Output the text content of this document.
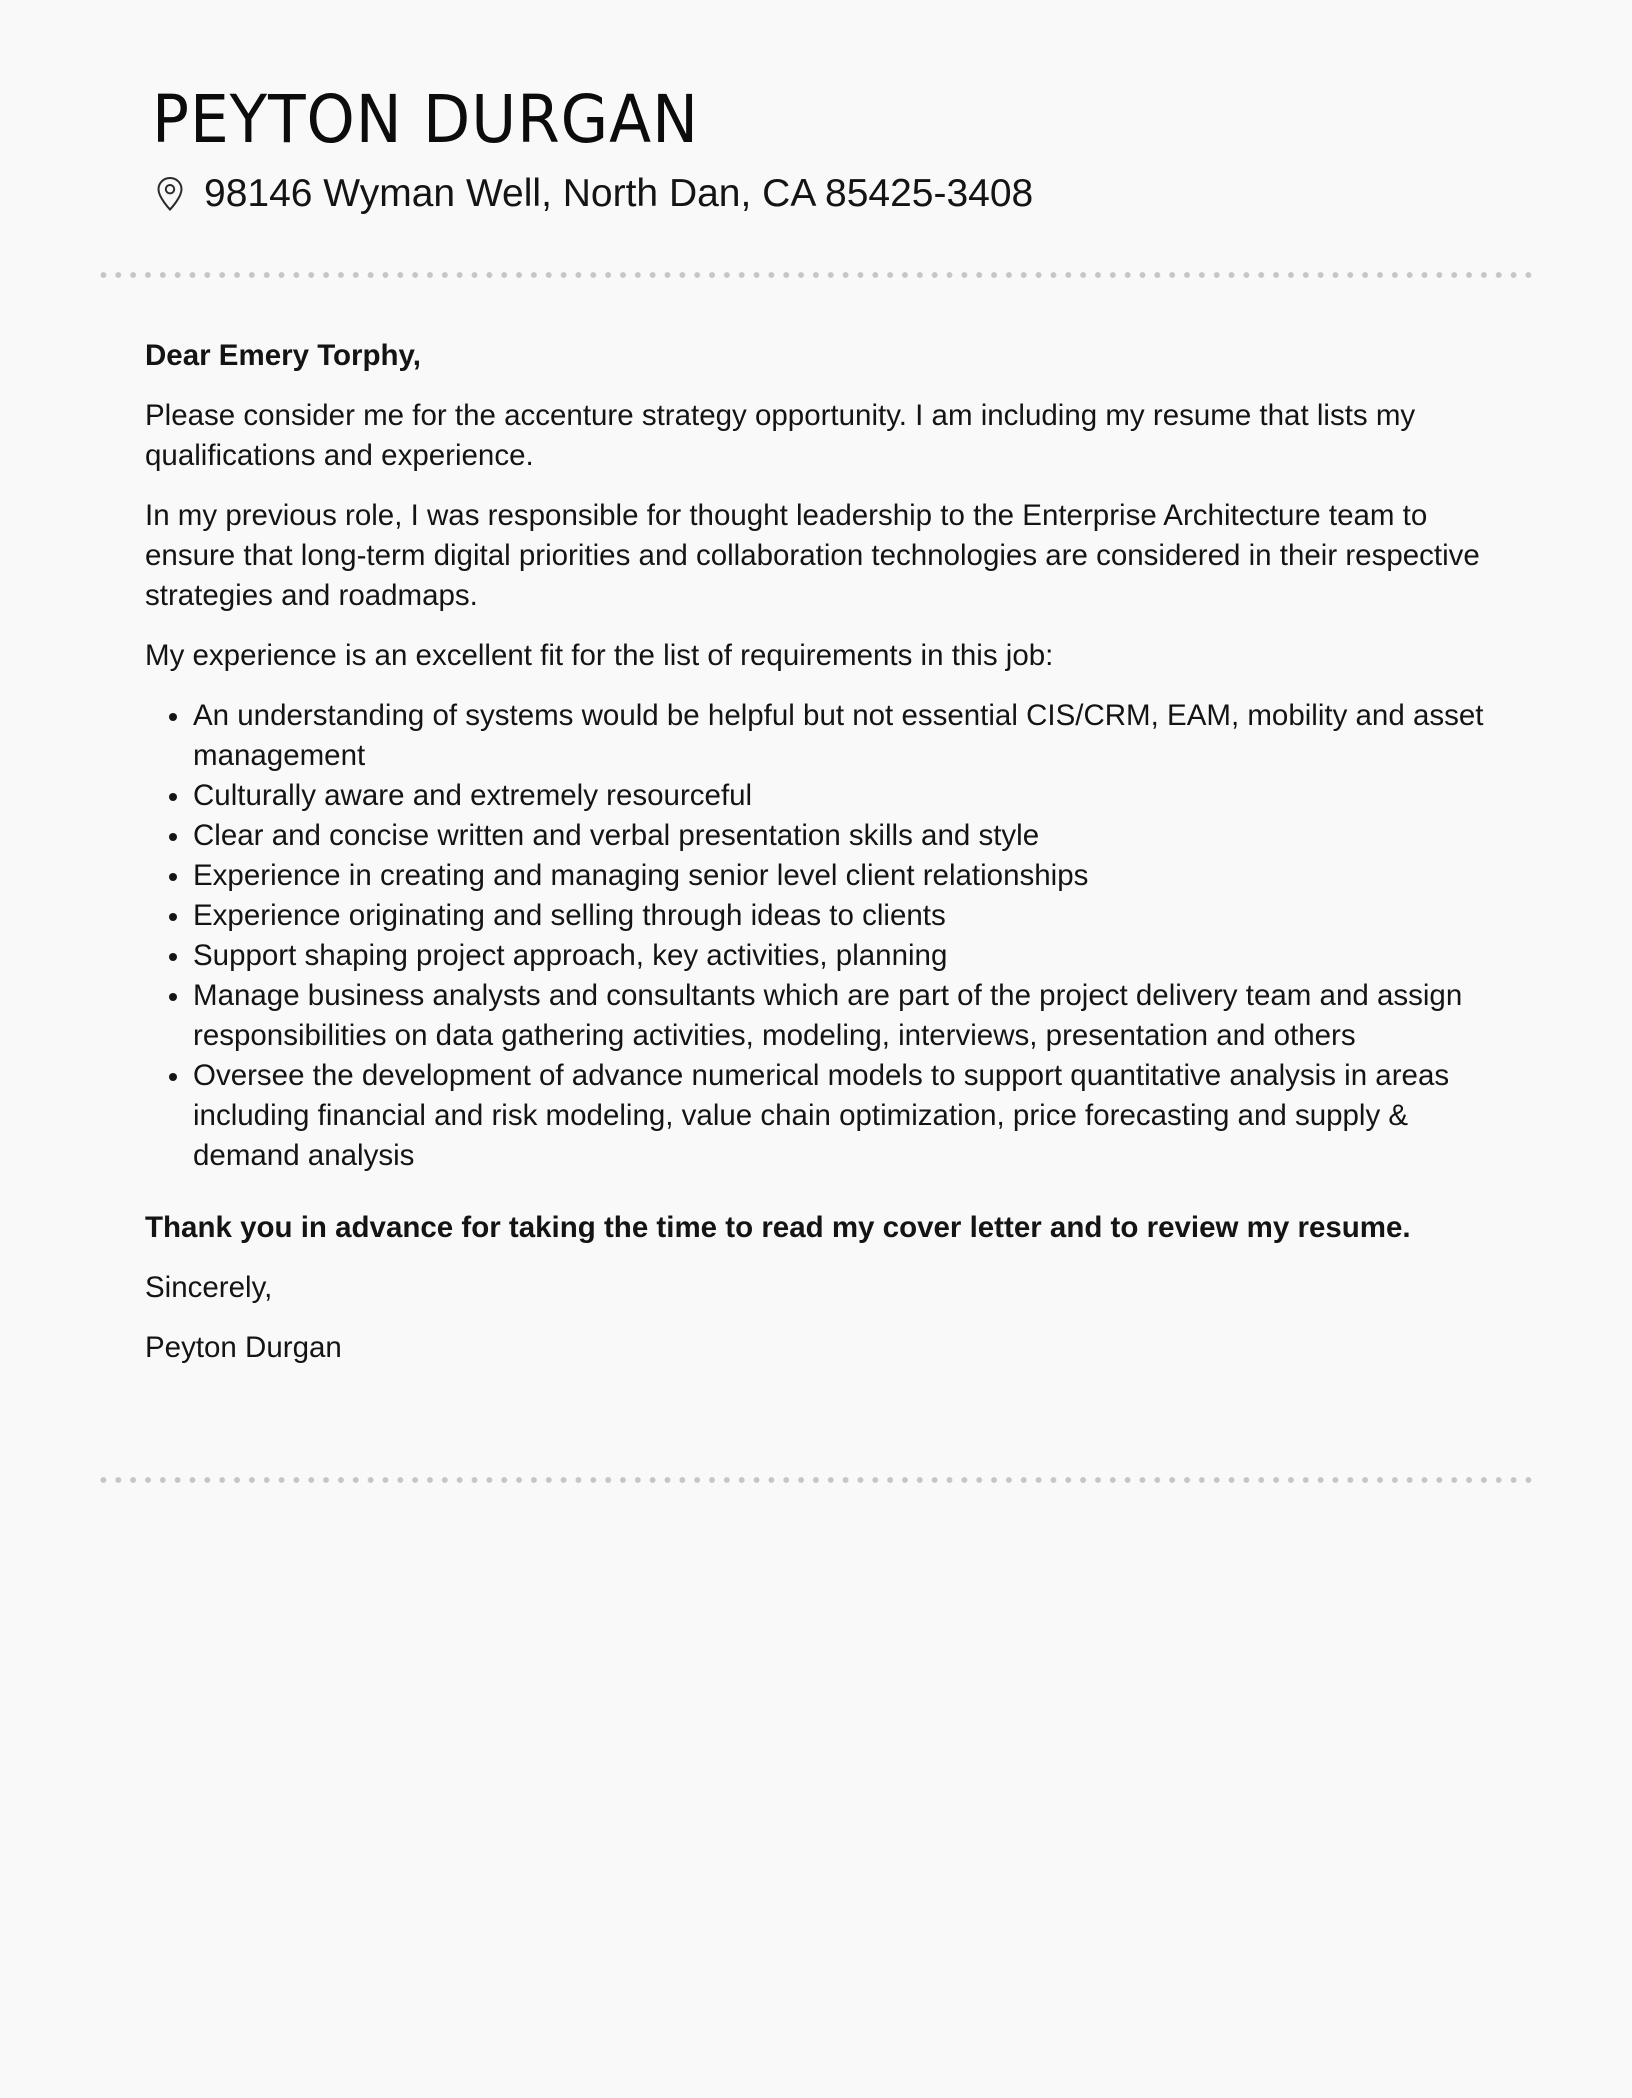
PEYTON DURGAN
98146 Wyman Well, North Dan, CA 85425-3408

Dear Emery Torphy,

Please consider me for the accenture strategy opportunity. I am including my resume that lists my qualifications and experience.

In my previous role, I was responsible for thought leadership to the Enterprise Architecture team to ensure that long-term digital priorities and collaboration technologies are considered in their respective strategies and roadmaps.

My experience is an excellent fit for the list of requirements in this job:

An understanding of systems would be helpful but not essential CIS/CRM, EAM, mobility and asset management
Culturally aware and extremely resourceful
Clear and concise written and verbal presentation skills and style
Experience in creating and managing senior level client relationships
Experience originating and selling through ideas to clients
Support shaping project approach, key activities, planning
Manage business analysts and consultants which are part of the project delivery team and assign responsibilities on data gathering activities, modeling, interviews, presentation and others
Oversee the development of advance numerical models to support quantitative analysis in areas including financial and risk modeling, value chain optimization, price forecasting and supply & demand analysis

Thank you in advance for taking the time to read my cover letter and to review my resume.

Sincerely,

Peyton Durgan
